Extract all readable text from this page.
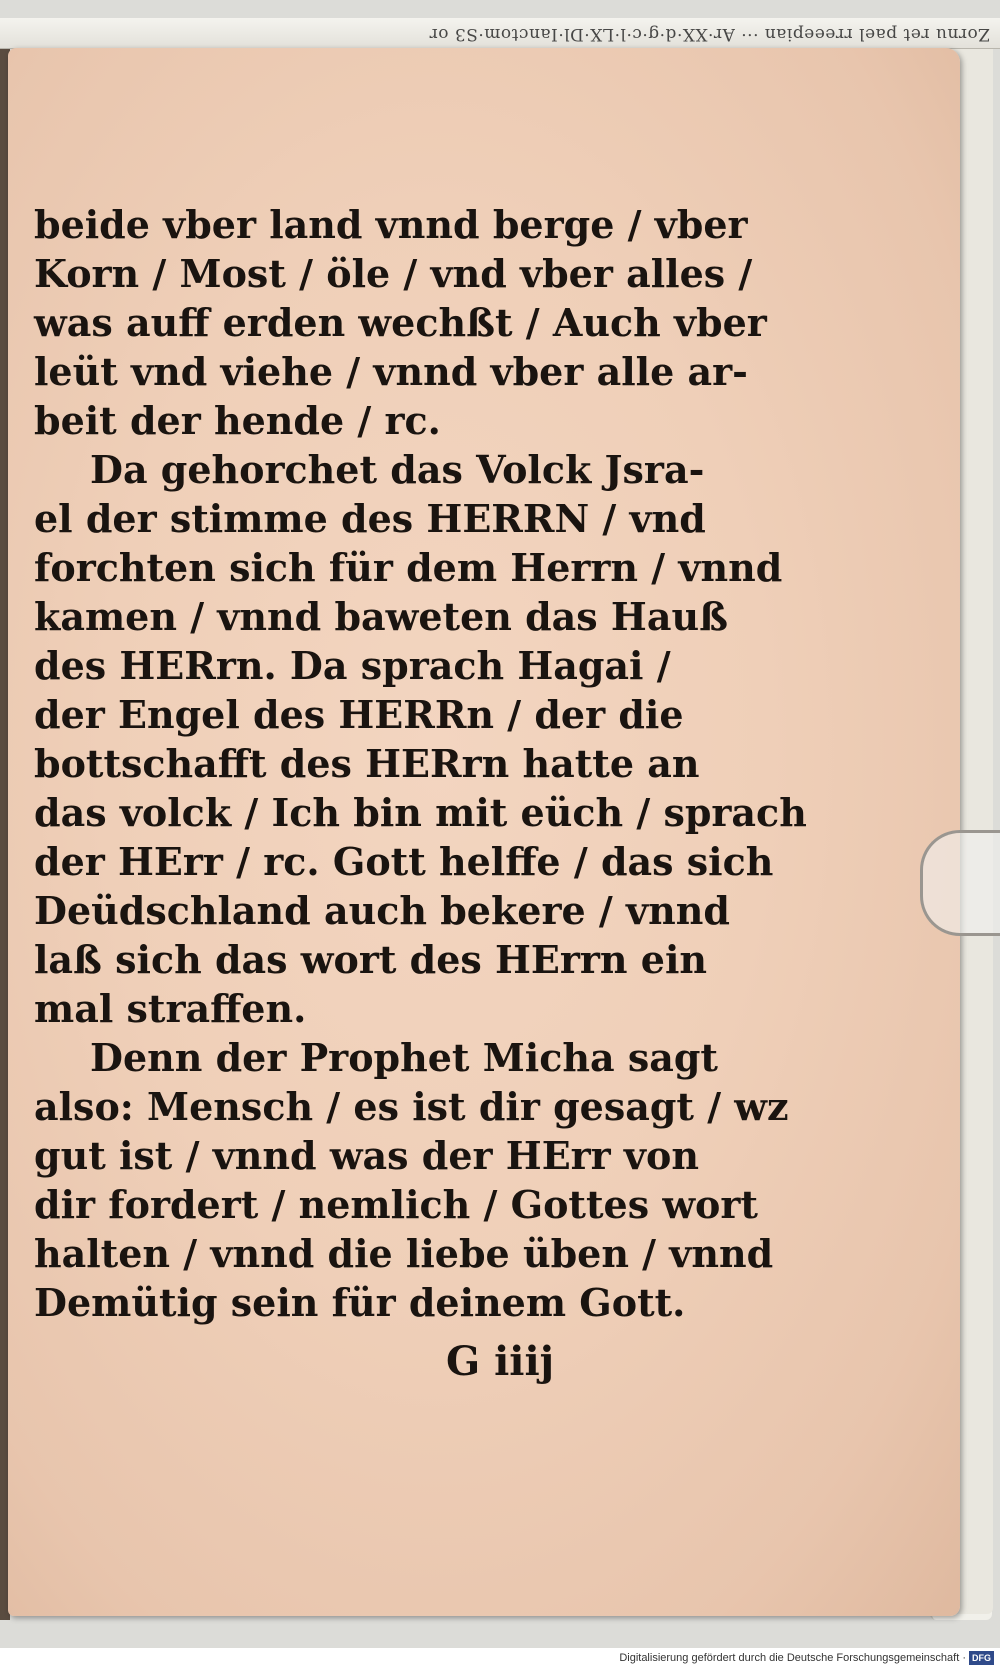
Zornu ret pael rreeepian ··· Ar·XX·d·g·c·l·LX·Dl·Ianctom·S3 or
beide vber land vnnd berge / vber
Korn / Most / öle / vnd vber alles /
was auff erden wechßt / Auch vber
leüt vnd viehe / vnnd vber alle ar-
beit der hende / rc.
Da gehorchet das Volck Jsra-
el der stimme des HERRN / vnd
forchten sich für dem Herrn / vnnd
kamen / vnnd baweten das Hauß
des HERrn. Da sprach Hagai /
der Engel des HERRn / der die
bottschafft des HERrn hatte an
das volck / Ich bin mit eüch / sprach
der HErr / rc. Gott helffe / das sich
Deüdschland auch bekere / vnnd
laß sich das wort des HErrn ein
mal straffen.
Denn der Prophet Micha sagt
also: Mensch / es ist dir gesagt / wz
gut ist / vnnd was der HErr von
dir fordert / nemlich / Gottes wort
halten / vnnd die liebe üben / vnnd
Demütig sein für deinem Gott.
G iiij
Digitalisierung gefördert durch die Deutsche Forschungsgemeinschaft · DFG
